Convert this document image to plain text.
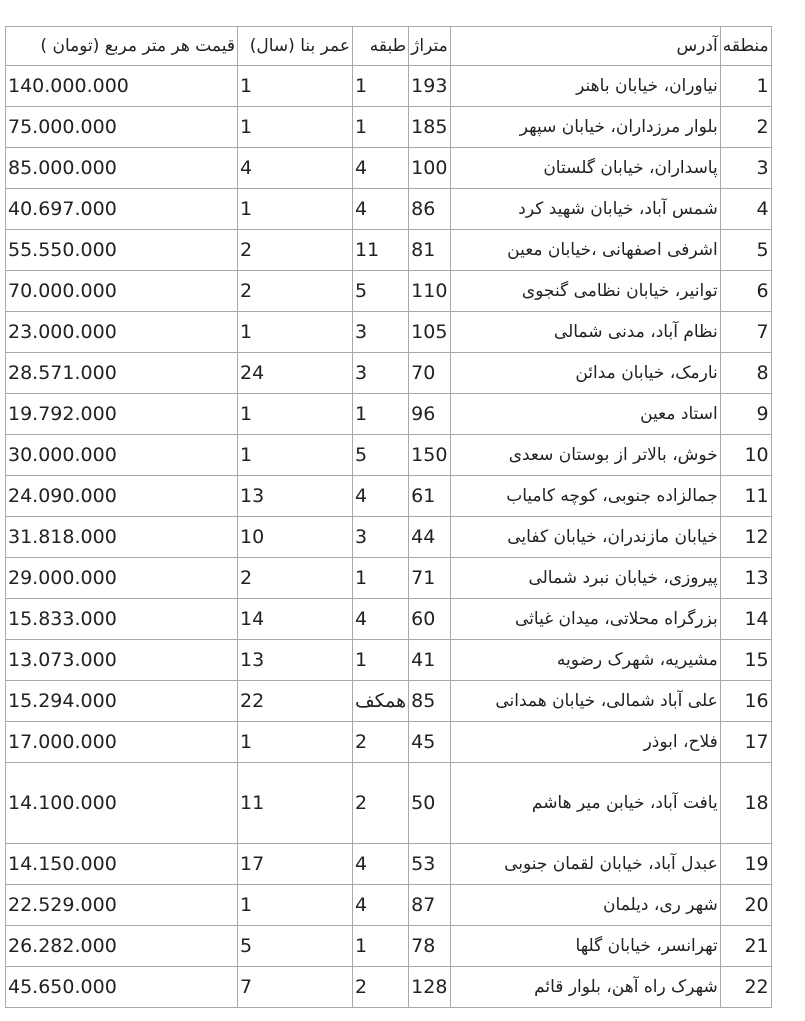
منطقه	آدرس	متراژ	طبقه	عمر بنا (سال)	قیمت هر متر مربع (تومان )
1	نیاوران، خیابان باهنر	193	1	1	140.000.000
2	بلوار مرزداران، خیابان سپهر	185	1	1	75.000.000
3	پاسداران، خیابان گلستان	100	4	4	85.000.000
4	شمس آباد، خیابان شهید کرد	86	4	1	40.697.000
5	اشرفی اصفهانی ،خیابان معین	81	11	2	55.550.000
6	توانیر، خیابان نظامی گنجوی	110	5	2	70.000.000
7	نظام آباد، مدنی شمالی	105	3	1	23.000.000
8	نارمک، خیابان مدائن	70	3	24	28.571.000
9	استاد معین	96	1	1	19.792.000
10	خوش، بالاتر از بوستان سعدی	150	5	1	30.000.000
11	جمالزاده جنوبی، کوچه کامیاب	61	4	13	24.090.000
12	خیابان مازندران، خیابان کفایی	44	3	10	31.818.000
13	پیروزی، خیابان نبرد شمالی	71	1	2	29.000.000
14	بزرگراه محلاتی، میدان غیاثی	60	4	14	15.833.000
15	مشیریه، شهرک رضویه	41	1	13	13.073.000
16	علی آباد شمالی، خیابان همدانی	85	همکف	22	15.294.000
17	فلاح، ابوذر	45	2	1	17.000.000
18	یافت آباد، خیابن میر هاشم	50	2	11	14.100.000
19	عبدل آباد، خیابان لقمان جنوبی	53	4	17	14.150.000
20	شهر ری، دیلمان	87	4	1	22.529.000
21	تهرانسر، خیابان گلها	78	1	5	26.282.000
22	شهرک راه آهن، بلوار قائم	128	2	7	45.650.000
